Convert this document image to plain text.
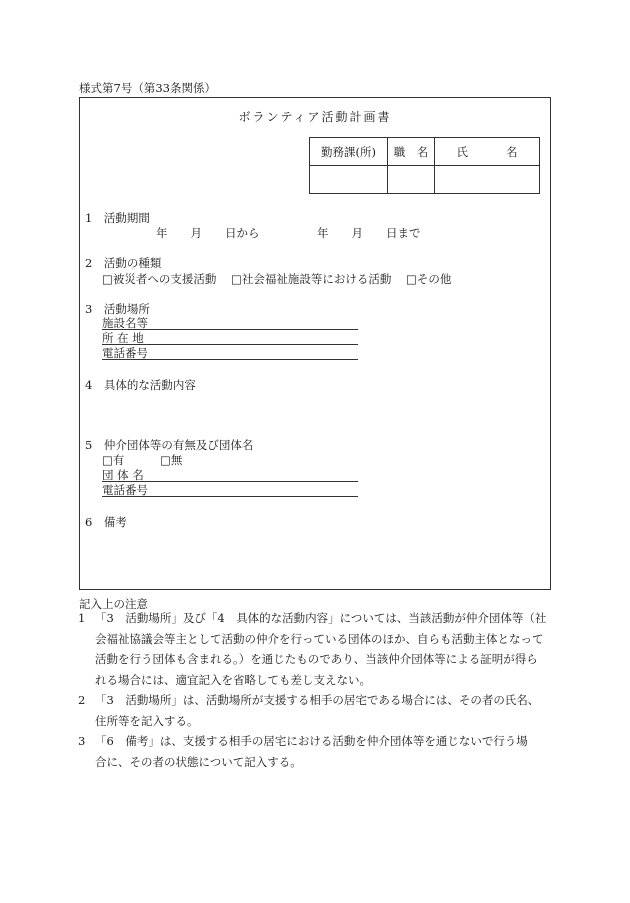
様式第7号（第33条関係）
ボランティア活動計画書
勤務課(所)	職　名	氏 名

1　活動期間
年　　月　　日から　　　　　年　　月　　日まで
2　活動の種類
□被災者への支援活動 □社会福祉施設等における活動 □その他
3　活動場所
施設名等
所 在 地
電話番号
4　具体的な活動内容
5　仲介団体等の有無及び団体名
□有	□無
団 体 名
電話番号
6　備考
記入上の注意
1 「3　活動場所」及び「4　具体的な活動内容」については、当該活動が仲介団体等（社
会福祉協議会等主として活動の仲介を行っている団体のほか、自らも活動主体となって
活動を行う団体も含まれる。）を通じたものであり、当該仲介団体等による証明が得ら
れる場合には、適宜記入を省略しても差し支えない。
2 「3　活動場所」は、活動場所が支援する相手の居宅である場合には、その者の氏名、
住所等を記入する。
3 「6　備考」は、支援する相手の居宅における活動を仲介団体等を通じないで行う場
合に、その者の状態について記入する。
